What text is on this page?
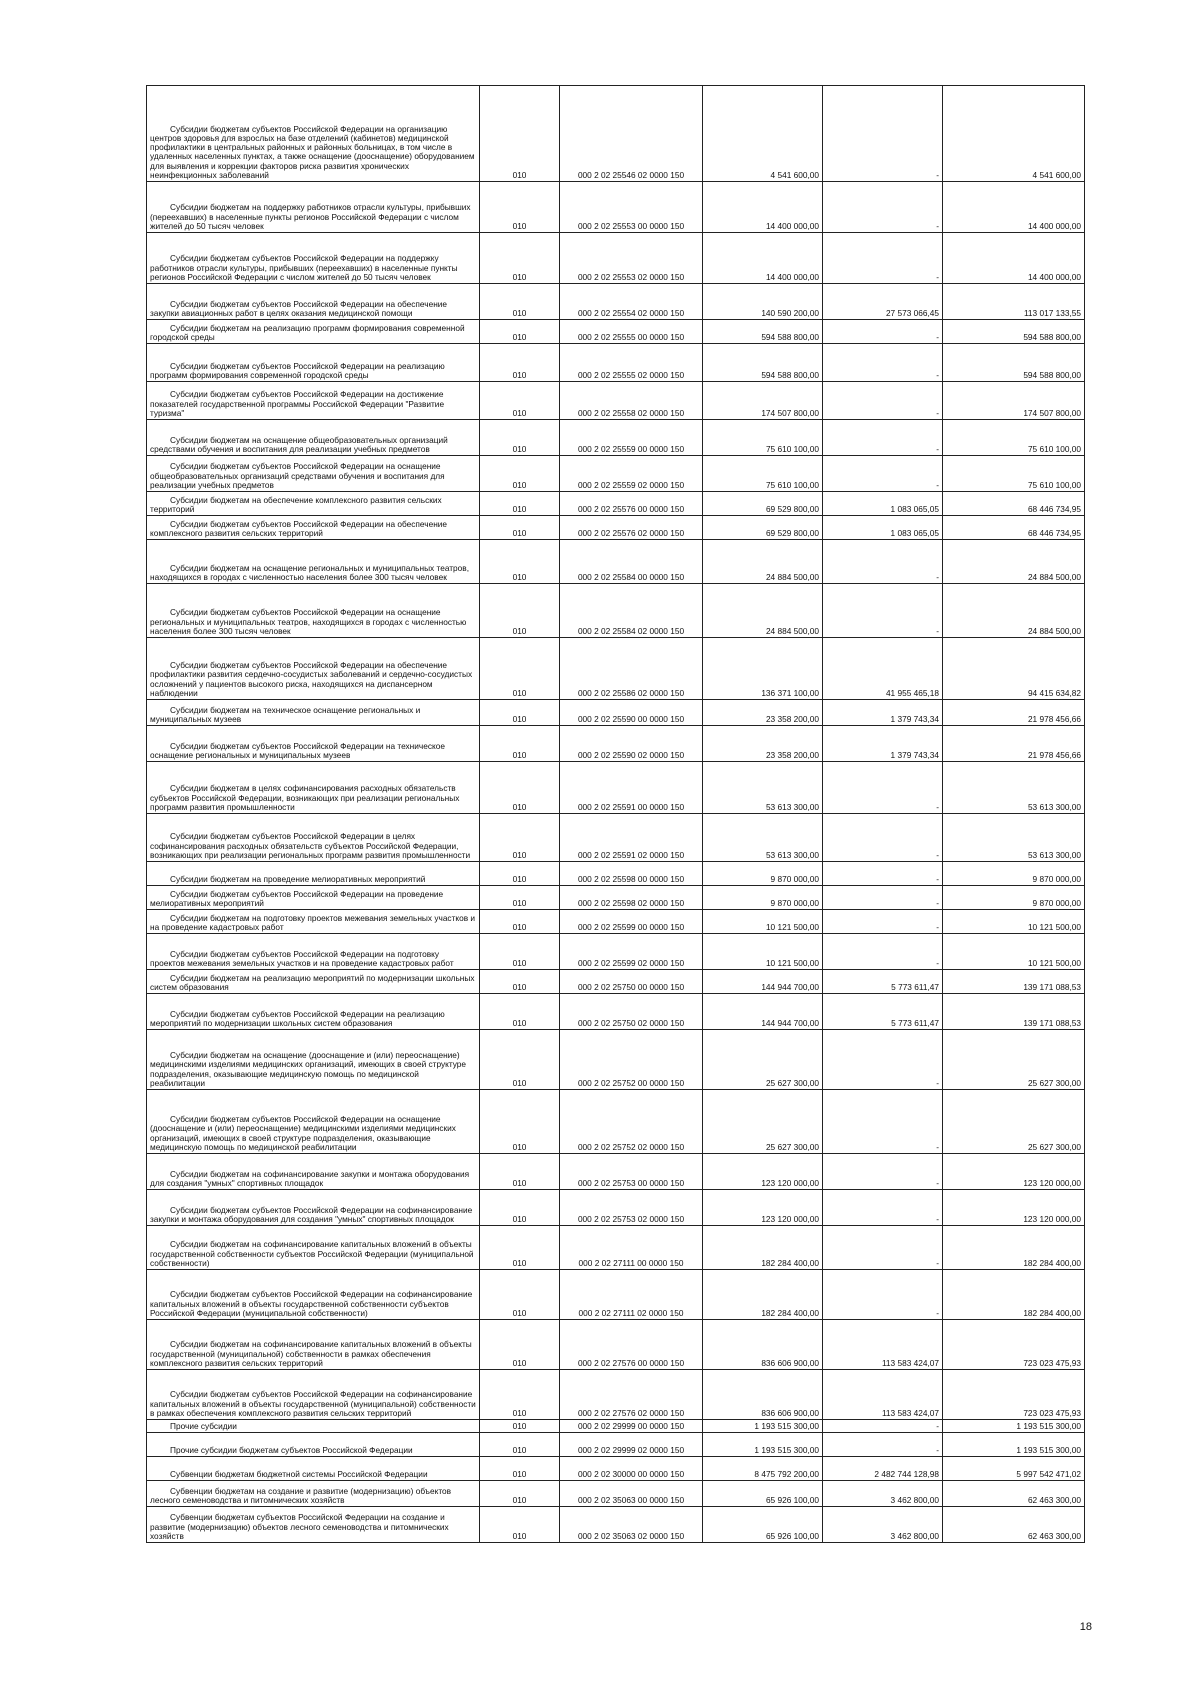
Субсидии бюджетам субъектов Российской Федерации на организацию центров здоровья для взрослых на базе отделений (кабинетов) медицинской профилактики в центральных районных и районных больницах, в том числе в удаленных населенных пунктах, а также оснащение (дооснащение) оборудованием для выявления и коррекции факторов риска развития хронических неинфекционных заболеваний	010	000 2 02 25546 02 0000 150	4 541 600,00	-	4 541 600,00
Субсидии бюджетам на поддержку работников отрасли культуры, прибывших (переехавших) в населенные пункты регионов Российской Федерации с числом жителей до 50 тысяч человек	010	000 2 02 25553 00 0000 150	14 400 000,00	-	14 400 000,00
Субсидии бюджетам субъектов Российской Федерации на поддержку работников отрасли культуры, прибывших (переехавших) в населенные пункты регионов Российской Федерации с числом жителей до 50 тысяч человек	010	000 2 02 25553 02 0000 150	14 400 000,00	-	14 400 000,00
Субсидии бюджетам субъектов Российской Федерации на обеспечение закупки авиационных работ в целях оказания медицинской помощи	010	000 2 02 25554 02 0000 150	140 590 200,00	27 573 066,45	113 017 133,55
Субсидии бюджетам на реализацию программ формирования современной городской среды	010	000 2 02 25555 00 0000 150	594 588 800,00	-	594 588 800,00
Субсидии бюджетам субъектов Российской Федерации на реализацию программ формирования современной городской среды	010	000 2 02 25555 02 0000 150	594 588 800,00	-	594 588 800,00
Субсидии бюджетам субъектов Российской Федерации на достижение показателей государственной программы Российской Федерации "Развитие туризма"	010	000 2 02 25558 02 0000 150	174 507 800,00	-	174 507 800,00
Субсидии бюджетам на оснащение общеобразовательных организаций средствами обучения и воспитания для реализации учебных предметов	010	000 2 02 25559 00 0000 150	75 610 100,00	-	75 610 100,00
Субсидии бюджетам субъектов Российской Федерации на оснащение общеобразовательных организаций средствами обучения и воспитания для реализации учебных предметов	010	000 2 02 25559 02 0000 150	75 610 100,00	-	75 610 100,00
Субсидии бюджетам на обеспечение комплексного развития сельских территорий	010	000 2 02 25576 00 0000 150	69 529 800,00	1 083 065,05	68 446 734,95
Субсидии бюджетам субъектов Российской Федерации на обеспечение комплексного развития сельских территорий	010	000 2 02 25576 02 0000 150	69 529 800,00	1 083 065,05	68 446 734,95
Субсидии бюджетам на оснащение региональных и муниципальных театров, находящихся в городах с численностью населения более 300 тысяч человек	010	000 2 02 25584 00 0000 150	24 884 500,00	-	24 884 500,00
Субсидии бюджетам субъектов Российской Федерации на оснащение региональных и муниципальных театров, находящихся в городах с численностью населения более 300 тысяч человек	010	000 2 02 25584 02 0000 150	24 884 500,00	-	24 884 500,00
Субсидии бюджетам субъектов Российской Федерации на обеспечение профилактики развития сердечно-сосудистых заболеваний и сердечно-сосудистых осложнений у пациентов высокого риска, находящихся на диспансерном наблюдении	010	000 2 02 25586 02 0000 150	136 371 100,00	41 955 465,18	94 415 634,82
Субсидии бюджетам на техническое оснащение региональных и муниципальных музеев	010	000 2 02 25590 00 0000 150	23 358 200,00	1 379 743,34	21 978 456,66
Субсидии бюджетам субъектов Российской Федерации на техническое оснащение региональных и муниципальных музеев	010	000 2 02 25590 02 0000 150	23 358 200,00	1 379 743,34	21 978 456,66
Субсидии бюджетам в целях софинансирования расходных обязательств субъектов Российской Федерации, возникающих при реализации региональных программ развития промышленности	010	000 2 02 25591 00 0000 150	53 613 300,00	-	53 613 300,00
Субсидии бюджетам субъектов Российской Федерации в целях софинансирования расходных обязательств субъектов Российской Федерации, возникающих при реализации региональных программ развития промышленности	010	000 2 02 25591 02 0000 150	53 613 300,00	-	53 613 300,00
Субсидии бюджетам на проведение мелиоративных мероприятий	010	000 2 02 25598 00 0000 150	9 870 000,00	-	9 870 000,00
Субсидии бюджетам субъектов Российской Федерации на проведение мелиоративных мероприятий	010	000 2 02 25598 02 0000 150	9 870 000,00	-	9 870 000,00
Субсидии бюджетам на подготовку проектов межевания земельных участков и на проведение кадастровых работ	010	000 2 02 25599 00 0000 150	10 121 500,00	-	10 121 500,00
Субсидии бюджетам субъектов Российской Федерации на подготовку проектов межевания земельных участков и на проведение кадастровых работ	010	000 2 02 25599 02 0000 150	10 121 500,00	-	10 121 500,00
Субсидии бюджетам на реализацию мероприятий по модернизации школьных систем образования	010	000 2 02 25750 00 0000 150	144 944 700,00	5 773 611,47	139 171 088,53
Субсидии бюджетам субъектов Российской Федерации на реализацию мероприятий по модернизации школьных систем образования	010	000 2 02 25750 02 0000 150	144 944 700,00	5 773 611,47	139 171 088,53
Субсидии бюджетам на оснащение (дооснащение и (или) переоснащение) медицинскими изделиями медицинских организаций, имеющих в своей структуре подразделения, оказывающие медицинскую помощь по медицинской реабилитации	010	000 2 02 25752 00 0000 150	25 627 300,00	-	25 627 300,00
Субсидии бюджетам субъектов Российской Федерации на оснащение (дооснащение и (или) переоснащение) медицинскими изделиями медицинских организаций, имеющих в своей структуре подразделения, оказывающие медицинскую помощь по медицинской реабилитации	010	000 2 02 25752 02 0000 150	25 627 300,00	-	25 627 300,00
Субсидии бюджетам на софинансирование закупки и монтажа оборудования для создания "умных" спортивных площадок	010	000 2 02 25753 00 0000 150	123 120 000,00	-	123 120 000,00
Субсидии бюджетам субъектов Российской Федерации на софинансирование закупки и монтажа оборудования для создания "умных" спортивных площадок	010	000 2 02 25753 02 0000 150	123 120 000,00	-	123 120 000,00
Субсидии бюджетам на софинансирование капитальных вложений в объекты государственной собственности субъектов Российской Федерации (муниципальной собственности)	010	000 2 02 27111 00 0000 150	182 284 400,00	-	182 284 400,00
Субсидии бюджетам субъектов Российской Федерации на софинансирование капитальных вложений в объекты государственной собственности субъектов Российской Федерации (муниципальной собственности)	010	000 2 02 27111 02 0000 150	182 284 400,00	-	182 284 400,00
Субсидии бюджетам на софинансирование капитальных вложений в объекты государственной (муниципальной) собственности в рамках обеспечения комплексного развития сельских территорий	010	000 2 02 27576 00 0000 150	836 606 900,00	113 583 424,07	723 023 475,93
Субсидии бюджетам субъектов Российской Федерации на софинансирование капитальных вложений в объекты государственной (муниципальной) собственности в рамках обеспечения комплексного развития сельских территорий	010	000 2 02 27576 02 0000 150	836 606 900,00	113 583 424,07	723 023 475,93
Прочие субсидии	010	000 2 02 29999 00 0000 150	1 193 515 300,00	-	1 193 515 300,00
Прочие субсидии бюджетам субъектов Российской Федерации	010	000 2 02 29999 02 0000 150	1 193 515 300,00	-	1 193 515 300,00
Субвенции бюджетам бюджетной системы Российской Федерации	010	000 2 02 30000 00 0000 150	8 475 792 200,00	2 482 744 128,98	5 997 542 471,02
Субвенции бюджетам на создание и развитие (модернизацию) объектов лесного семеноводства и питомнических хозяйств	010	000 2 02 35063 00 0000 150	65 926 100,00	3 462 800,00	62 463 300,00
Субвенции бюджетам субъектов Российской Федерации на создание и развитие (модернизацию) объектов лесного семеноводства и питомнических хозяйств	010	000 2 02 35063 02 0000 150	65 926 100,00	3 462 800,00	62 463 300,00
18
